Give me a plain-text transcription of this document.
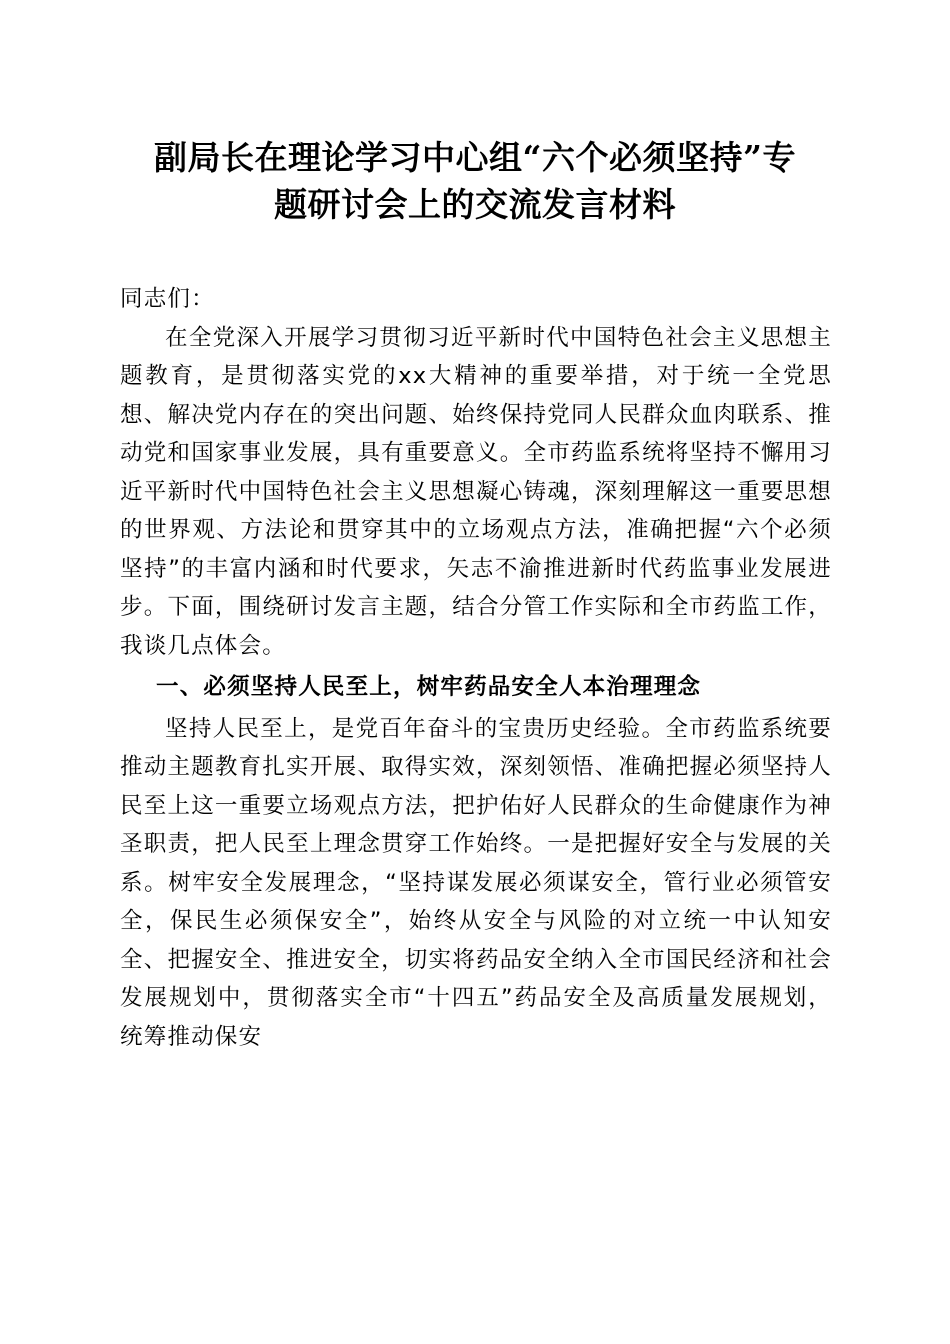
副局长在理论学习中心组“六个必须坚持”专
题研讨会上的交流发言材料

同志们：

在全党深入开展学习贯彻习近平新时代中国特色社会主义思想主题教育，是贯彻落实党的xx大精神的重要举措，对于统一全党思想、解决党内存在的突出问题、始终保持党同人民群众血肉联系、推动党和国家事业发展，具有重要意义。全市药监系统将坚持不懈用习近平新时代中国特色社会主义思想凝心铸魂，深刻理解这一重要思想的世界观、方法论和贯穿其中的立场观点方法，准确把握“六个必须坚持”的丰富内涵和时代要求，矢志不渝推进新时代药监事业发展进步。下面，围绕研讨发言主题，结合分管工作实际和全市药监工作，我谈几点体会。

一、必须坚持人民至上，树牢药品安全人本治理理念

坚持人民至上，是党百年奋斗的宝贵历史经验。全市药监系统要推动主题教育扎实开展、取得实效，深刻领悟、准确把握必须坚持人民至上这一重要立场观点方法，把护佑好人民群众的生命健康作为神圣职责，把人民至上理念贯穿工作始终。一是把握好安全与发展的关系。树牢安全发展理念，“坚持谋发展必须谋安全，管行业必须管安全，保民生必须保安全”，始终从安全与风险的对立统一中认知安全、把握安全、推进安全，切实将药品安全纳入全市国民经济和社会发展规划中，贯彻落实全市“十四五”药品安全及高质量发展规划，统筹推动保安
